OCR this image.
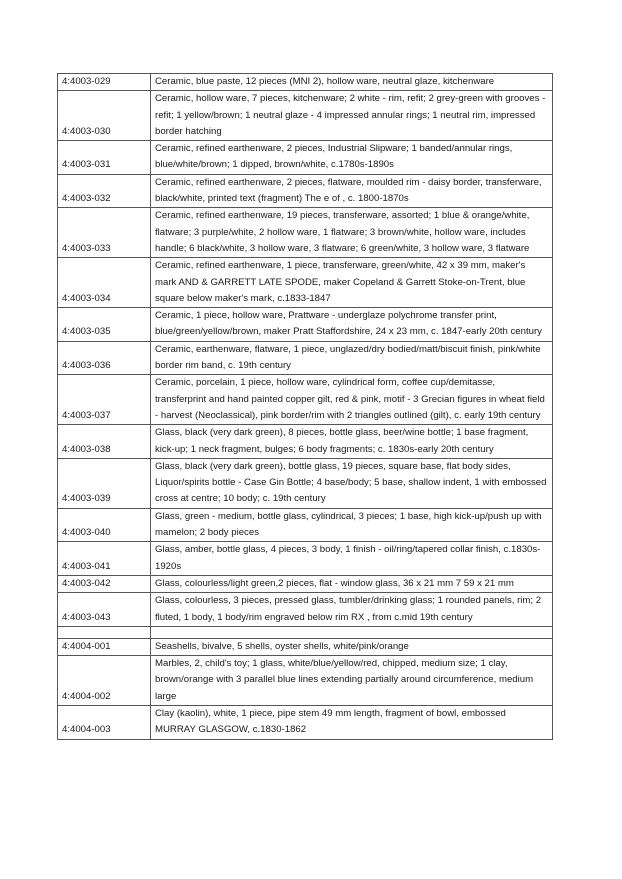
4:4003-029	Ceramic, blue paste, 12 pieces (MNI 2), hollow ware, neutral glaze, kitchenware
4:4003-030	Ceramic, hollow ware, 7 pieces, kitchenware; 2 white - rim, refit; 2 grey-green with grooves - refit; 1 yellow/brown; 1 neutral glaze - 4 impressed annular rings; 1 neutral rim, impressed border hatching
4:4003-031	Ceramic, refined earthenware, 2 pieces, Industrial Slipware; 1 banded/annular rings, blue/white/brown; 1 dipped, brown/white, c.1780s-1890s
4:4003-032	Ceramic, refined earthenware, 2 pieces, flatware, moulded rim - daisy border, transferware, black/white, printed text (fragment) The e of , c. 1800-1870s
4:4003-033	Ceramic, refined earthenware, 19 pieces, transferware, assorted; 1 blue & orange/white, flatware; 3 purple/white, 2 hollow ware, 1 flatware; 3 brown/white, hollow ware, includes handle; 6 black/white, 3 hollow ware, 3 flatware; 6 green/white, 3 hollow ware, 3 flatware
4:4003-034	Ceramic, refined earthenware, 1 piece, transferware, green/white, 42 x 39 mm, maker's mark AND & GARRETT LATE SPODE, maker Copeland & Garrett Stoke-on-Trent, blue square below maker's mark, c.1833-1847
4:4003-035	Ceramic, 1 piece, hollow ware, Prattware - underglaze polychrome transfer print, blue/green/yellow/brown, maker Pratt Staffordshire, 24 x 23 mm, c. 1847-early 20th century
4:4003-036	Ceramic, earthenware, flatware, 1 piece, unglazed/dry bodied/matt/biscuit finish, pink/white border rim band, c. 19th century
4:4003-037	Ceramic, porcelain, 1 piece, hollow ware, cylindrical form, coffee cup/demitasse, transferprint and hand painted copper gilt, red & pink, motif - 3 Grecian figures in wheat field - harvest (Neoclassical), pink border/rim with 2 triangles outlined (gilt), c. early 19th century
4:4003-038	Glass, black (very dark green), 8 pieces, bottle glass, beer/wine bottle; 1 base fragment, kick-up; 1 neck fragment, bulges; 6 body fragments; c. 1830s-early 20th century
4:4003-039	Glass, black (very dark green), bottle glass, 19 pieces, square base, flat body sides, Liquor/spirits bottle - Case Gin Bottle; 4 base/body; 5 base, shallow indent, 1 with embossed cross at centre; 10 body; c. 19th century
4:4003-040	Glass, green - medium, bottle glass, cylindrical, 3 pieces; 1 base, high kick-up/push up with mamelon; 2 body pieces
4:4003-041	Glass, amber, bottle glass, 4 pieces, 3 body, 1 finish - oil/ring/tapered collar finish, c.1830s-1920s
4:4003-042	Glass, colourless/light green,2 pieces, flat - window glass, 36 x 21 mm 7 59 x 21 mm
4:4003-043	Glass, colourless, 3 pieces, pressed glass, tumbler/drinking glass; 1 rounded panels, rim; 2 fluted, 1 body, 1 body/rim engraved below rim RX , from c.mid 19th century

4:4004-001	Seashells, bivalve, 5 shells, oyster shells, white/pink/orange
4:4004-002	Marbles, 2, child's toy; 1 glass, white/blue/yellow/red, chipped, medium size; 1 clay, brown/orange with 3 parallel blue lines extending partially around circumference, medium large
4:4004-003	Clay (kaolin), white, 1 piece, pipe stem 49 mm length, fragment of bowl, embossed MURRAY GLASGOW, c.1830-1862
